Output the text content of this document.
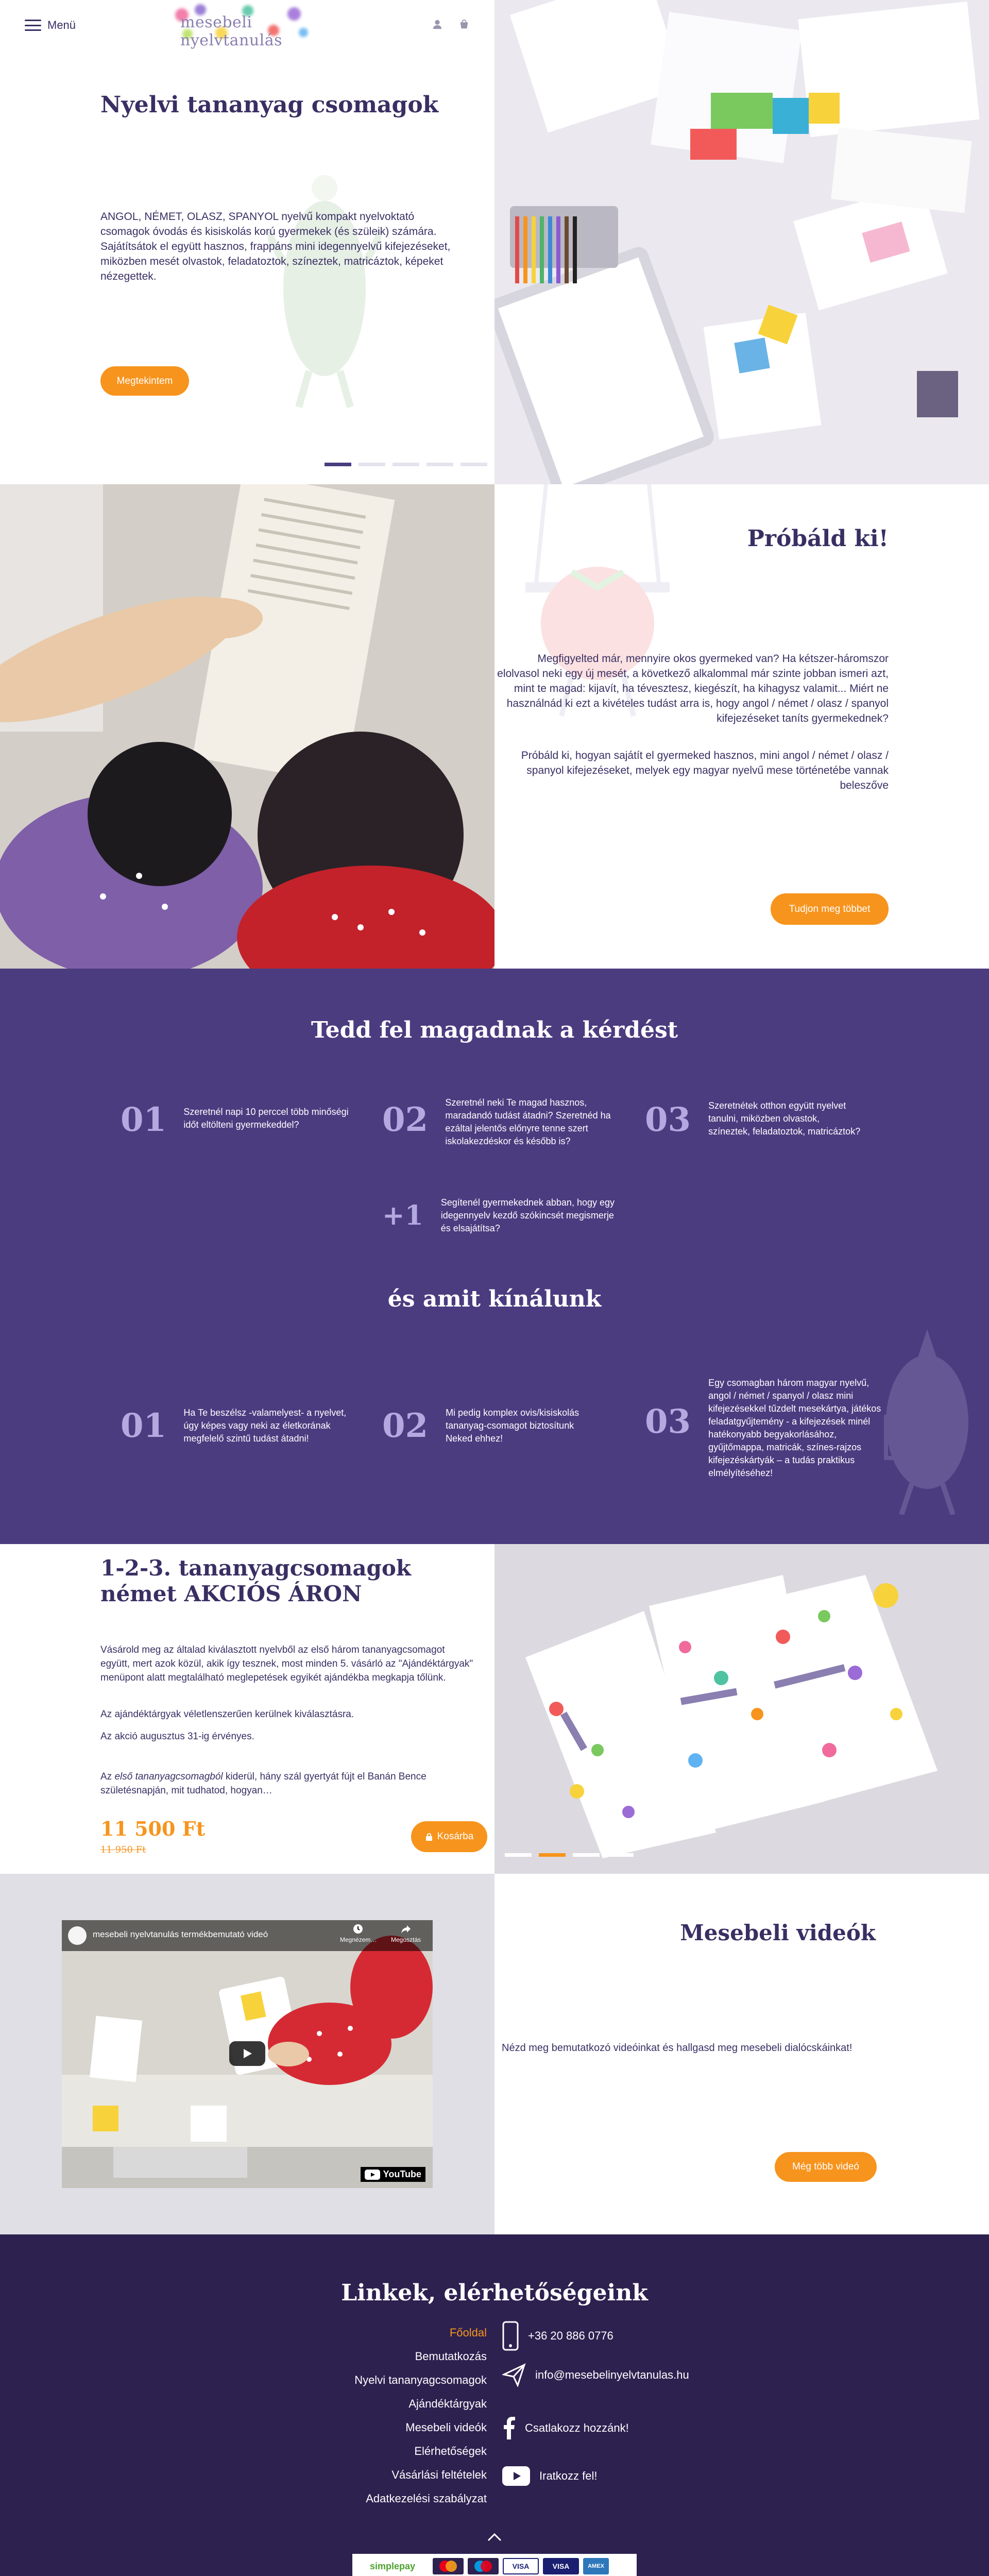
Menü	mesebeli nyelvtanulás
Nyelvi tananyag csomagok

ANGOL, NÉMET, OLASZ, SPANYOL nyelvű kompakt nyelvoktató csomagok óvodás és kisiskolás korú gyermekek (és szüleik) számára. Sajátítsátok el együtt hasznos, frappáns mini idegennyelvű kifejezéseket, miközben mesét olvastok, feladatoztok, színeztek, matricáztok, képeket nézegettek.

Megtekintem
Próbáld ki!

Megfigyelted már, mennyire okos gyermeked van? Ha kétszer-háromszor elolvasol neki egy új mesét, a következő alkalommal már szinte jobban ismeri azt, mint te magad: kijavít, ha tévesztesz, kiegészít, ha kihagysz valamit... Miért ne használnád ki ezt a kivételes tudást arra is, hogy angol / német / olasz / spanyol kifejezéseket taníts gyermekednek?

Próbáld ki, hogyan sajátít el gyermeked hasznos, mini angol / német / olasz / spanyol kifejezéseket, melyek egy magyar nyelvű mese történetébe vannak beleszőve

Tudjon meg többet
Tedd fel magadnak a kérdést
01 Szeretnél napi 10 perccel több minőségi időt eltölteni gyermekeddel?	02 Szeretnél neki Te magad hasznos, maradandó tudást átadni? Szeretnéd ha ezáltal jelentős előnyre tenne szert iskolakezdéskor és később is?

03 Szeretnétek otthon együtt nyelvet tanulni, miközben olvastok, színeztek, feladatoztok, matricáztok?

+1 Segítenél gyermekednek abban, hogy egy idegennyelv kezdő szókincsét megismerje és elsajátítsa?

és amit kínálunk
01 Ha Te beszélsz -valamelyest- a nyelvet, úgy képes vagy neki az életkorának megfelelő szintű tudást átadni!	02 Mi pedig komplex ovis/kisiskolás tananyag-csomagot biztosítunk Neked ehhez!	03

Egy csomagban három magyar nyelvű, angol / német / spanyol / olasz mini kifejezésekkel tűzdelt mesekártya, játékos feladatgyűjtemény - a kifejezések minél hatékonyabb begyakorlásához, gyűjtőmappa, matricák, színes-rajzos kifejezéskártyák – a tudás praktikus elmélyítéséhez!

1-2-3. tananyagcsomagok német AKCIÓS ÁRON

Vásárold meg az általad kiválasztott nyelvből az első három tananyagcsomagot együtt, mert azok közül, akik így tesznek, most minden 5. vásárló az "Ajándéktárgyak" menüpont alatt megtalálható meglepetések egyikét ajándékba megkapja tőlünk.

Az ajándéktárgyak véletlenszerűen kerülnek kiválasztásra.

Az akció augusztus 31-ig érvényes.

Az első tananyagcsomagból kiderül, hány szál gyertyát fújt el Banán Bence születésnapján, mit tudhatod, hogyan…

11 500 Ft
11 950 Ft
Kosárba
mesebeli nyelvtanulás termékbemutató videó
Megnézem…	Megosztás
YouTube

Nézd meg bemutatkozó videóinkat és hallgasd meg mesebeli dialócskáinkat!

Még több videó
Mesebeli videók
Linkek, elérhetőségeink
Főoldal
Bemutatkozás
Nyelvi tananyagcsomagok
Ajándéktárgyak
Mesebeli videók
Elérhetőségek
Vásárlási feltételek
Adatkezelési szabályzat
+36 20 886 0776
info@mesebelinyelvtanulas.hu
Csatlakozz hozzánk!
Iratkozz fel!
simplepay	VISA	VISA	AMEX
